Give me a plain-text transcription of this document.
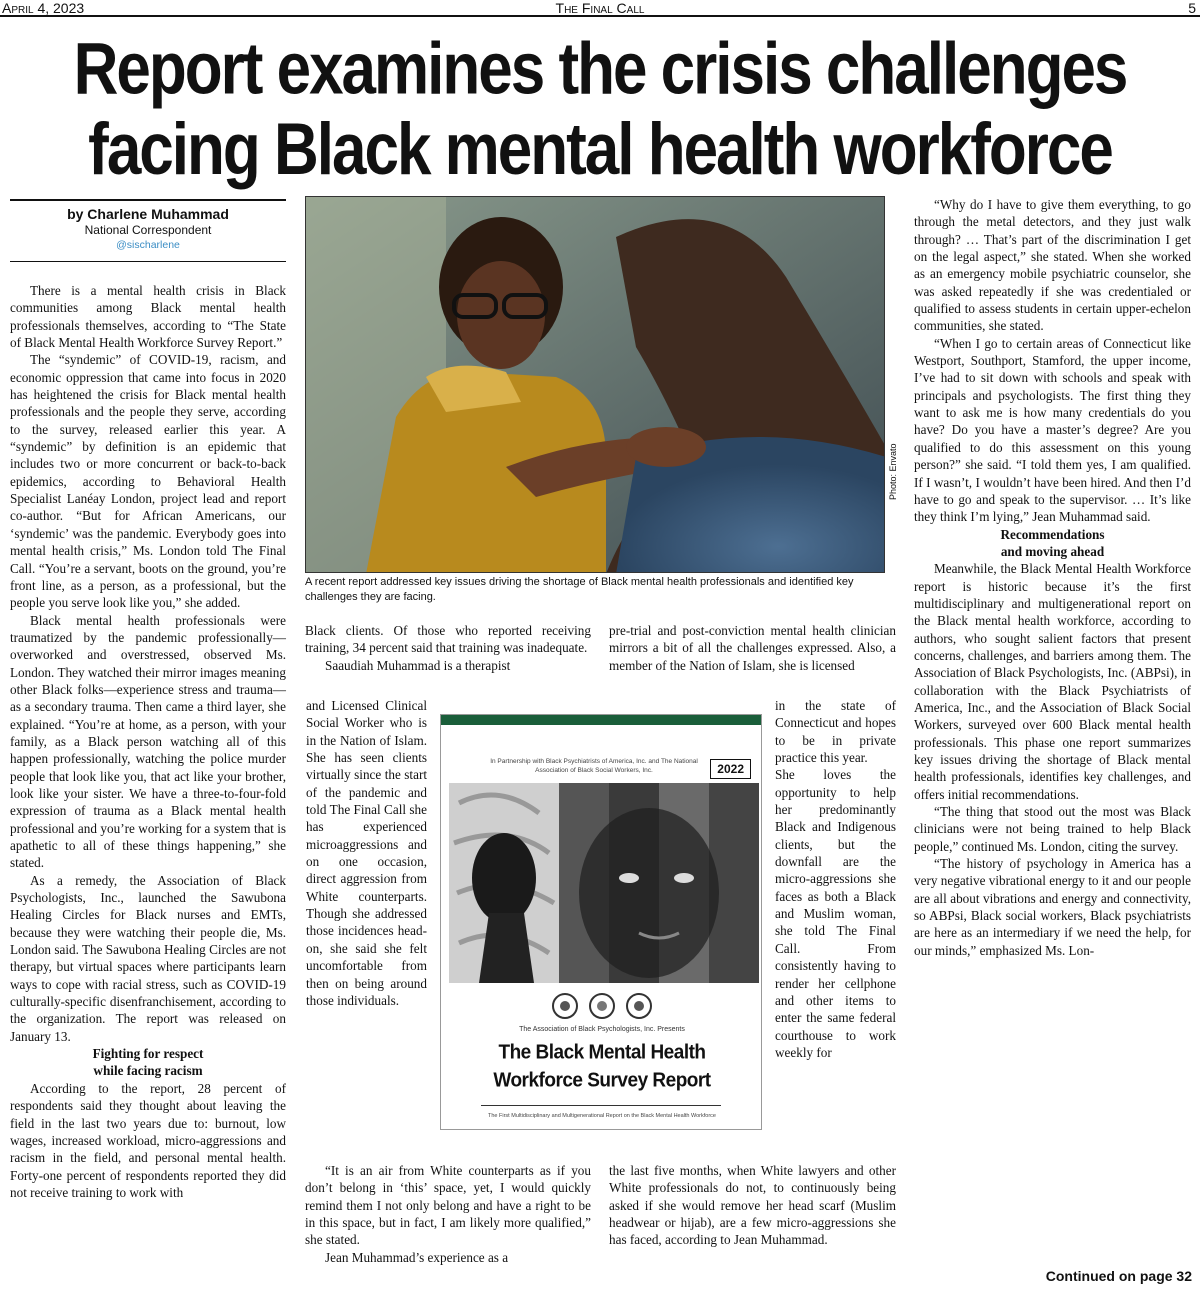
April 4, 2023	The Final Call	5
Report examines the crisis challenges
facing Black mental health workforce
by Charlene Muhammad
National Correspondent
@sischarlene

There is a mental health crisis in Black communities among Black mental health professionals themselves, according to “The State of Black Mental Health Workforce Survey Report.”

The “syndemic” of COVID-19, racism, and economic oppression that came into focus in 2020 has heightened the crisis for Black mental health professionals and the people they serve, according to the survey, released earlier this year. A “syndemic” by definition is an epidemic that includes two or more concurrent or back-to-back epidemics, according to Behavioral Health Specialist Lanéay London, project lead and report co-author. “But for African Americans, our ‘syndemic’ was the pandemic. Everybody goes into mental health crisis,” Ms. London told The Final Call. “You’re a servant, boots on the ground, you’re front line, as a person, as a professional, but the people you serve look like you,” she added.

Black mental health professionals were traumatized by the pandemic professionally—overworked and overstressed, observed Ms. London. They watched their mirror images meaning other Black folks—experience stress and trauma—as a secondary trauma. Then came a third layer, she explained. “You’re at home, as a person, with your family, as a Black person watching all of this happen professionally, watching the police murder people that look like you, that act like your brother, look like your sister. We have a three-to-four-fold expression of trauma as a Black mental health professional and you’re working for a system that is apathetic to all of these things happening,” she stated.

As a remedy, the Association of Black Psychologists, Inc., launched the Sawubona Healing Circles for Black nurses and EMTs, because they were watching their people die, Ms. London said. The Sawubona Healing Circles are not therapy, but virtual spaces where participants learn ways to cope with racial stress, such as COVID-19 culturally-specific disenfranchisement, according to the organization. The report was released on January 13.

Fighting for respect
while facing racism

According to the report, 28 percent of respondents said they thought about leaving the field in the last two years due to: burnout, low wages, increased workload, micro-aggressions and racism in the field, and personal mental health. Forty-one percent of respondents reported they did not receive training to work with

Photo: Envato
A recent report addressed key issues driving the shortage of Black mental health professionals and identified key challenges they are facing.

Black clients. Of those who reported receiving training, 34 percent said that training was inadequate.

Saaudiah Muhammad is a therapist

and Licensed Clinical Social Worker who is in the Nation of Islam. She has seen clients virtually since the start of the pandemic and told The Final Call she has experienced microaggressions and on one occasion, direct aggression from White counterparts. Though she addressed those incidences head-on, she said she felt uncomfortable from then on being around those individuals.

“It is an air from White counterparts as if you don’t belong in ‘this’ space, yet, I would quickly remind them I not only belong and have a right to be in this space, but in fact, I am likely more qualified,” she stated.

Jean Muhammad’s experience as a

pre-trial and post-conviction mental health clinician mirrors a bit of all the challenges expressed. Also, a member of the Nation of Islam, she is licensed

in the state of Connecticut and hopes to be in private practice this year.

She loves the opportunity to help her predominantly Black and Indigenous clients, but the downfall are the micro-aggressions she faces as both a Black and Muslim woman, she told The Final Call. From consistently having to render her cellphone and other items to enter the same federal courthouse to work weekly for

the last five months, when White lawyers and other White professionals do not, to continuously being asked if she would remove her head scarf (Muslim headwear or hijab), are a few micro-aggressions she has faced, according to Jean Muhammad.

In Partnership with Black Psychiatrists of America, Inc. and The National Association of Black Social Workers, Inc.	2022
The Association of Black Psychologists, Inc. Presents
The Black Mental Health
Workforce Survey Report
The First Multidisciplinary and Multigenerational Report on the Black Mental Health Workforce

“Why do I have to give them everything, to go through the metal detectors, and they just walk through? … That’s part of the discrimination I get on the legal aspect,” she stated. When she worked as an emergency mobile psychiatric counselor, she was asked repeatedly if she was credentialed or qualified to assess students in certain upper-echelon communities, she stated.

“When I go to certain areas of Connecticut like Westport, Southport, Stamford, the upper income, I’ve had to sit down with schools and speak with principals and psychologists. The first thing they want to ask me is how many credentials do you have? Do you have a master’s degree? Are you qualified to do this assessment on this young person?” she said. “I told them yes, I am qualified. If I wasn’t, I wouldn’t have been hired. And then I’d have to go and speak to the supervisor. … It’s like they think I’m lying,” Jean Muhammad said.

Recommendations
and moving ahead

Meanwhile, the Black Mental Health Workforce report is historic because it’s the first multidisciplinary and multigenerational report on the Black mental health workforce, according to authors, who sought salient factors that present concerns, challenges, and barriers among them. The Association of Black Psychologists, Inc. (ABPsi), in collaboration with the Black Psychiatrists of America, Inc., and the Association of Black Social Workers, surveyed over 600 Black mental health professionals. This phase one report summarizes key issues driving the shortage of Black mental health professionals, identifies key challenges, and offers initial recommendations.

“The thing that stood out the most was Black clinicians were not being trained to help Black people,” continued Ms. London, citing the survey.

“The history of psychology in America has a very negative vibrational energy to it and our people are all about vibrations and energy and connectivity, so ABPsi, Black social workers, Black psychiatrists are here as an intermediary if we need the help, for our minds,” emphasized Ms. Lon-

Continued on page 32
